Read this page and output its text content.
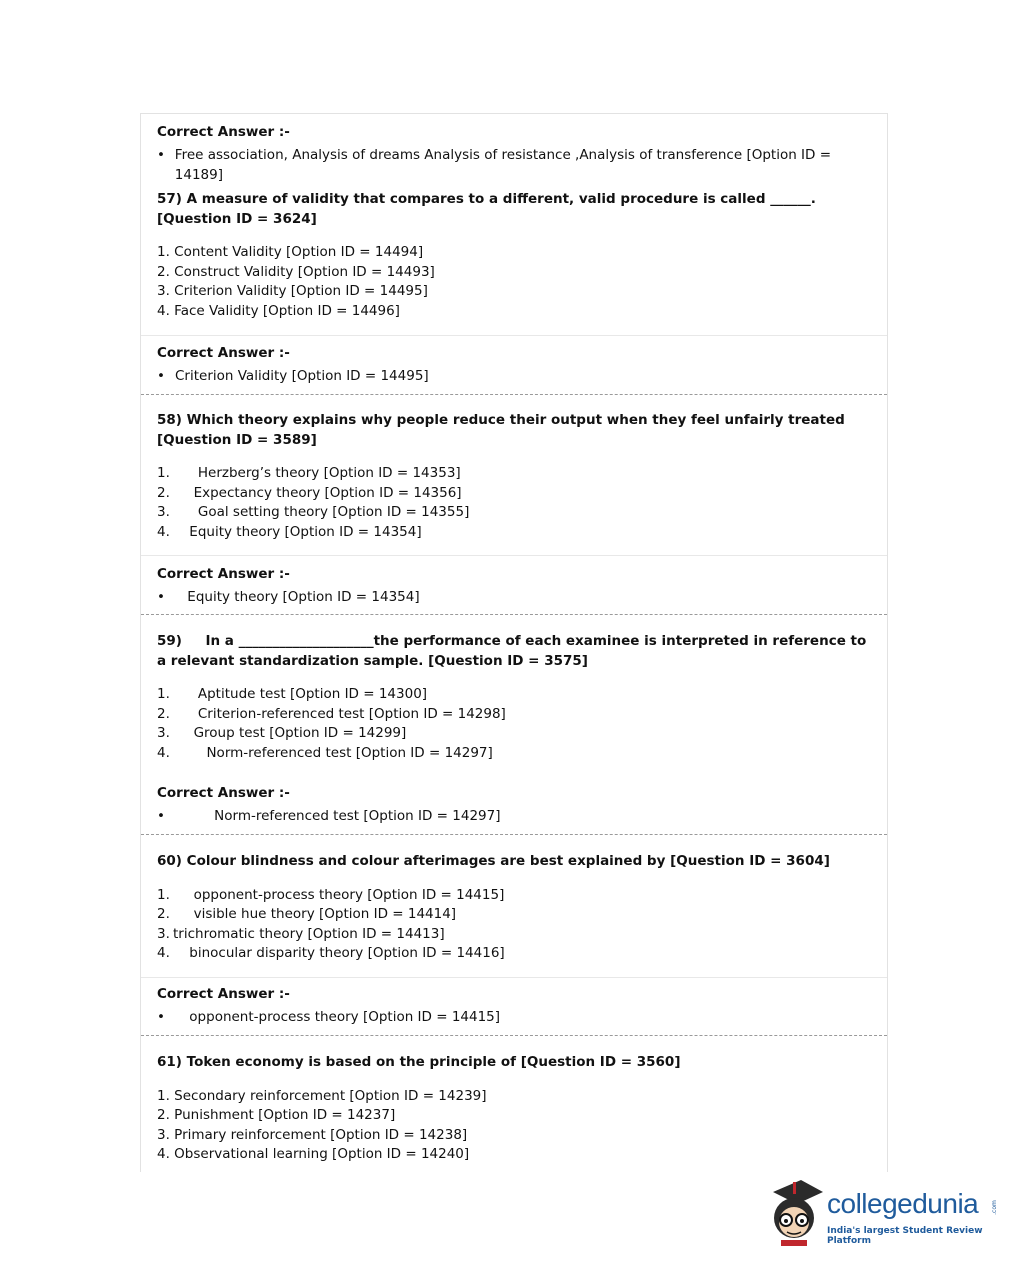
Correct Answer :-
• Free association, Analysis of dreams Analysis of resistance ,Analysis of transference [Option ID = 14189]
57) A measure of validity that compares to a different, valid procedure is called ______. [Question ID = 3624]
1. Content Validity [Option ID = 14494]
2. Construct Validity [Option ID = 14493]
3. Criterion Validity [Option ID = 14495]
4. Face Validity [Option ID = 14496]
Correct Answer :-
• Criterion Validity [Option ID = 14495]
58) Which theory explains why people reduce their output when they feel unfairly treated [Question ID = 3589]
1.	Herzberg’s theory [Option ID = 14353]
2.	Expectancy theory [Option ID = 14356]
3.	Goal setting theory [Option ID = 14355]
4.	Equity theory [Option ID = 14354]
Correct Answer :-
•	Equity theory [Option ID = 14354]
59)     In a ____________________the performance of each examinee is interpreted in reference to a relevant standardization sample. [Question ID = 3575]
1.	Aptitude test [Option ID = 14300]
2.	Criterion-referenced test [Option ID = 14298]
3.	Group test [Option ID = 14299]
4.	Norm-referenced test [Option ID = 14297]
Correct Answer :-
•	Norm-referenced test [Option ID = 14297]
60) Colour blindness and colour afterimages are best explained by [Question ID = 3604]
1.	opponent-process theory [Option ID = 14415]
2.	visible hue theory [Option ID = 14414]
3. trichromatic theory [Option ID = 14413]
4.	binocular disparity theory [Option ID = 14416]
Correct Answer :-
•	opponent-process theory [Option ID = 14415]
61) Token economy is based on the principle of [Question ID = 3560]
1. Secondary reinforcement [Option ID = 14239]
2. Punishment [Option ID = 14237]
3. Primary reinforcement [Option ID = 14238]
4. Observational learning [Option ID = 14240]
collegedunia .com
India's largest Student Review Platform
